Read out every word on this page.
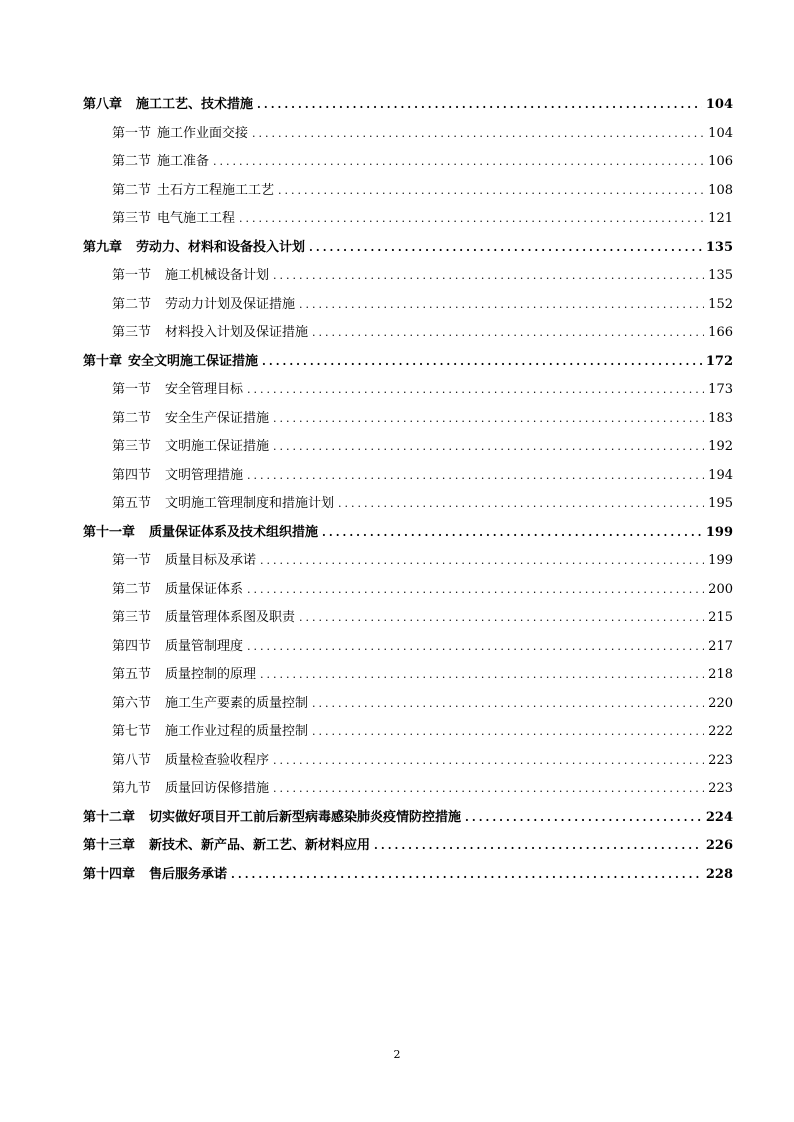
第八章 施工工艺、技术措施 .....	104
第一节 施工作业面交接 .....	104
第二节 施工准备 .....	106
第二节 土石方工程施工工艺 .....	108
第三节 电气施工工程 .....	121
第九章 劳动力、材料和设备投入计划 .....	135
第一节 施工机械设备计划 .....	135
第二节 劳动力计划及保证措施 .....	152
第三节 材料投入计划及保证措施 .....	166
第十章 安全文明施工保证措施 .....	172
第一节 安全管理目标 .....	173
第二节 安全生产保证措施 .....	183
第三节 文明施工保证措施 .....	192
第四节 文明管理措施 .....	194
第五节 文明施工管理制度和措施计划 .....	195
第十一章 质量保证体系及技术组织措施 .....	199
第一节 质量目标及承诺 .....	199
第二节 质量保证体系 .....	200
第三节 质量管理体系图及职责 .....	215
第四节 质量管制理度 .....	217
第五节 质量控制的原理 .....	218
第六节 施工生产要素的质量控制 .....	220
第七节 施工作业过程的质量控制 .....	222
第八节 质量检查验收程序 .....	223
第九节 质量回访保修措施 .....	223
第十二章 切实做好项目开工前后新型病毒感染肺炎疫情防控措施 .....	224
第十三章 新技术、新产品、新工艺、新材料应用 .....	226
第十四章 售后服务承诺 .....	228
2
